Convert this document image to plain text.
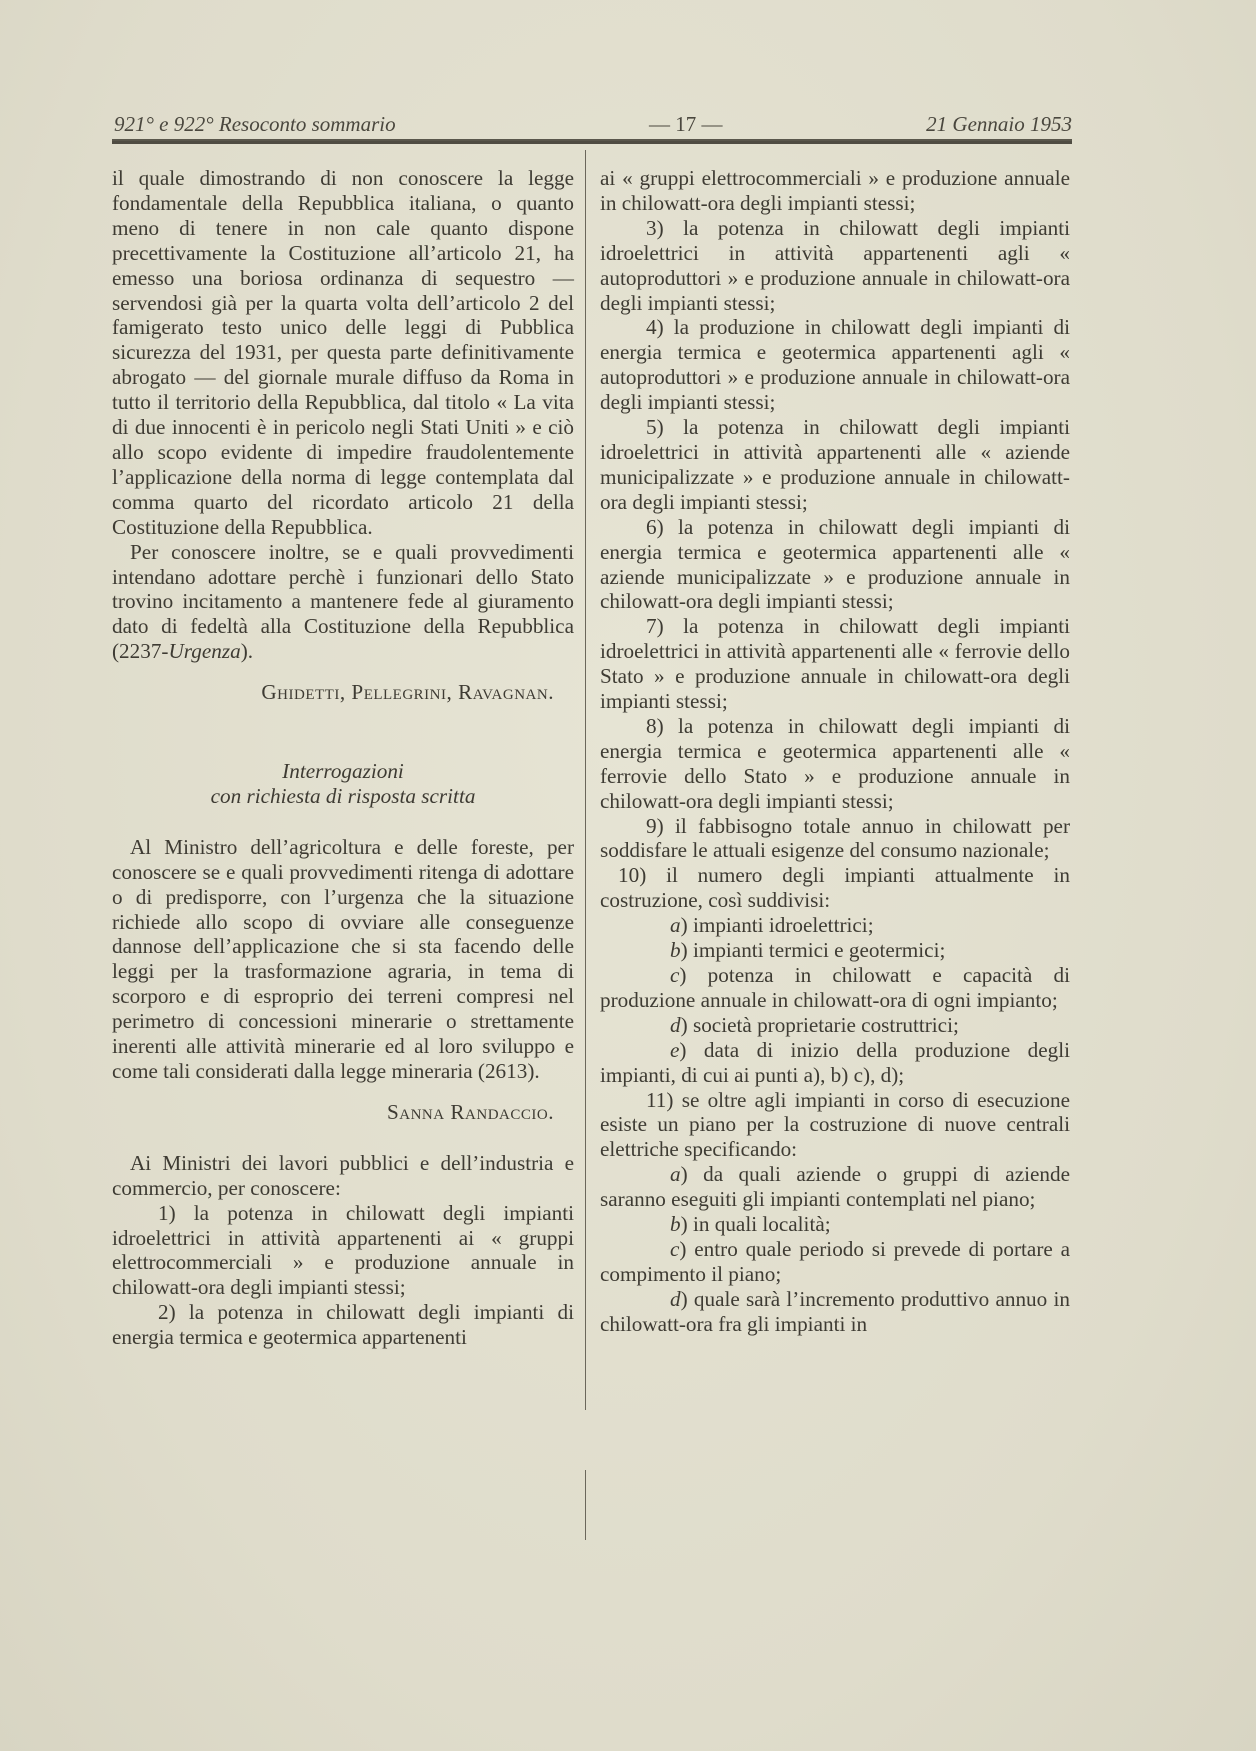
921° e 922° Resoconto sommario	— 17 —	21 Gennaio 1953

il quale dimostrando di non conoscere la legge fondamentale della Repubblica italiana, o quanto meno di tenere in non cale quanto dispone precettivamente la Costituzione all’articolo 21, ha emesso una boriosa ordinanza di sequestro — servendosi già per la quarta volta dell’articolo 2 del famigerato testo unico delle leggi di Pubblica sicurezza del 1931, per questa parte definitivamente abrogato — del giornale murale diffuso da Roma in tutto il territorio della Repubblica, dal titolo « La vita di due innocenti è in pericolo negli Stati Uniti » e ciò allo scopo evidente di impedire fraudolentemente l’applicazione della norma di legge contemplata dal comma quarto del ricordato articolo 21 della Costituzione della Repubblica.

Per conoscere inoltre, se e quali provvedimenti intendano adottare perchè i funzionari dello Stato trovino incitamento a mantenere fede al giuramento dato di fedeltà alla Costituzione della Repubblica (2237-Urgenza).

Ghidetti, Pellegrini, Ravagnan.

Interrogazioni

con richiesta di risposta scritta

Al Ministro dell’agricoltura e delle foreste, per conoscere se e quali provvedimenti ritenga di adottare o di predisporre, con l’urgenza che la situazione richiede allo scopo di ovviare alle conseguenze dannose dell’applicazione che si sta facendo delle leggi per la trasformazione agraria, in tema di scorporo e di esproprio dei terreni compresi nel perimetro di concessioni minerarie o strettamente inerenti alle attività minerarie ed al loro sviluppo e come tali considerati dalla legge mineraria (2613).

Sanna Randaccio.

Ai Ministri dei lavori pubblici e dell’industria e commercio, per conoscere:

1) la potenza in chilowatt degli impianti idroelettrici in attività appartenenti ai « gruppi elettrocommerciali » e produzione annuale in chilowatt-ora degli impianti stessi;

2) la potenza in chilowatt degli impianti di energia termica e geotermica appartenenti

ai « gruppi elettrocommerciali » e produzione annuale in chilowatt-ora degli impianti stessi;

3) la potenza in chilowatt degli impianti idroelettrici in attività appartenenti agli « autoproduttori » e produzione annuale in chilowatt-ora degli impianti stessi;

4) la produzione in chilowatt degli impianti di energia termica e geotermica appartenenti agli « autoproduttori » e produzione annuale in chilowatt-ora degli impianti stessi;

5) la potenza in chilowatt degli impianti idroelettrici in attività appartenenti alle « aziende municipalizzate » e produzione annuale in chilowatt-ora degli impianti stessi;

6) la potenza in chilowatt degli impianti di energia termica e geotermica appartenenti alle « aziende municipalizzate » e produzione annuale in chilowatt-ora degli impianti stessi;

7) la potenza in chilowatt degli impianti idroelettrici in attività appartenenti alle « ferrovie dello Stato » e produzione annuale in chilowatt-ora degli impianti stessi;

8) la potenza in chilowatt degli impianti di energia termica e geotermica appartenenti alle « ferrovie dello Stato » e produzione annuale in chilowatt-ora degli impianti stessi;

9) il fabbisogno totale annuo in chilowatt per soddisfare le attuali esigenze del consumo nazionale;

10) il numero degli impianti attualmente in costruzione, così suddivisi:

a) impianti idroelettrici;

b) impianti termici e geotermici;

c) potenza in chilowatt e capacità di produzione annuale in chilowatt-ora di ogni impianto;

d) società proprietarie costruttrici;

e) data di inizio della produzione degli impianti, di cui ai punti a), b) c), d);

11) se oltre agli impianti in corso di esecuzione esiste un piano per la costruzione di nuove centrali elettriche specificando:

a) da quali aziende o gruppi di aziende saranno eseguiti gli impianti contemplati nel piano;

b) in quali località;

c) entro quale periodo si prevede di portare a compimento il piano;

d) quale sarà l’incremento produttivo annuo in chilowatt-ora fra gli impianti in
